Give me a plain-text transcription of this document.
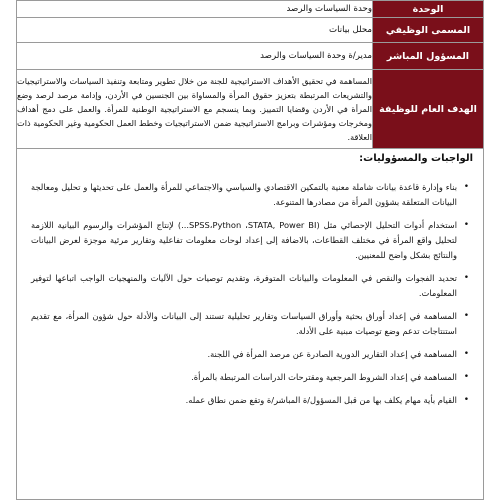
الوحدة	وحدة السياسات والرصد
المسمى الوظيفي	محلل بيانات
المسؤول المباشر	مدير/ة وحدة السياسات والرصد
الهدف العام للوظيفة	المساهمة في تحقيق الأهداف الاستراتيجية للجنة من خلال تطوير ومتابعة وتنفيذ السياسات والاستراتيجيات والتشريعات المرتبطة بتعزيز حقوق المرأة والمساواة بين الجنسين في الأردن، وإدامة مرصد لرصد وضع المرأة في الأردن وقضايا التمييز. وبما ينسجم مع الاستراتيجية الوطنية للمرأة. والعمل على دمج أهداف ومخرجات ومؤشرات وبرامج الاستراتيجية ضمن الاستراتيجيات وخطط العمل الحكومية وغير الحكومية ذات العلاقة.
الواجبات والمسؤوليات:
•
بناء وإدارة قاعدة بيانات شاملة معنية بالتمكين الاقتصادي والسياسي والاجتماعي للمرأة والعمل على تحديثها و تحليل ومعالجة البيانات المتعلقة بشؤون المرأة من مصادرها المتنوعة.
•
استخدام أدوات التحليل الإحصائي مثل (SPSS،Python ،STATA, Power BI...) لإنتاج المؤشرات والرسوم البيانية اللازمة لتحليل واقع المرأة في مختلف القطاعات، بالاضافة إلى إعداد لوحات معلومات تفاعلية وتقارير مرئية موجزة لعرض البيانات والنتائج بشكل واضح للمعنيين.
•
تحديد الفجوات والنقص في المعلومات والبيانات المتوفرة، وتقديم توصيات حول الآليات والمنهجيات الواجب اتباعها لتوفير المعلومات.
•
المساهمة في إعداد أوراق بحثية وأوراق السياسات وتقارير تحليلية تستند إلى البيانات والأدلة حول شؤون المرأة، مع تقديم استنتاجات تدعم وضع توصيات مبنية على الأدلة.
•
المساهمة في إعداد التقارير الدورية الصادرة عن مرصد المرأة في اللجنة.
•
المساهمة في إعداد الشروط المرجعية ومقترحات الدراسات المرتبطة بالمرأة.
•
القيام بأية مهام يكلف بها من قبل المسؤول/ة المباشر/ة وتقع ضمن نطاق عمله.
